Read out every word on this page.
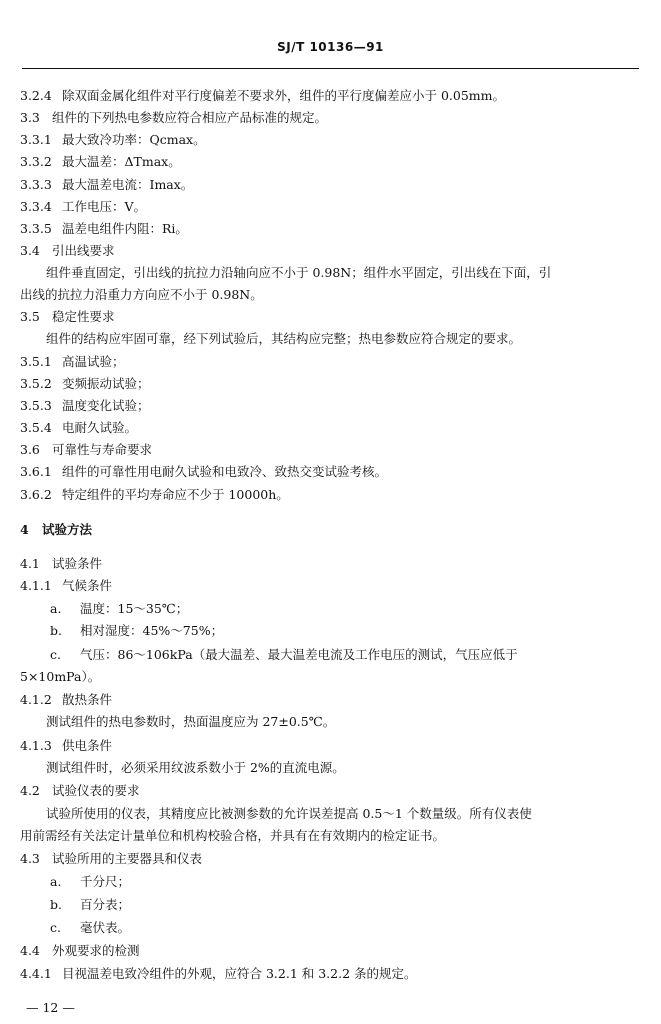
SJ/T 10136—91
3.2.4 除双面金属化组件对平行度偏差不要求外，组件的平行度偏差应小于 0.05mm。
3.3 组件的下列热电参数应符合相应产品标准的规定。
3.3.1 最大致冷功率：Qcmax。
3.3.2 最大温差：ΔTmax。
3.3.3 最大温差电流：Imax。
3.3.4 工作电压：V。
3.3.5 温差电组件内阻：Ri。
3.4 引出线要求
组件垂直固定，引出线的抗拉力沿轴向应不小于 0.98N；组件水平固定，引出线在下面，引
出线的抗拉力沿重力方向应不小于 0.98N。
3.5 稳定性要求
组件的结构应牢固可靠，经下列试验后，其结构应完整；热电参数应符合规定的要求。
3.5.1 高温试验；
3.5.2 变频振动试验；
3.5.3 温度变化试验；
3.5.4 电耐久试验。
3.6 可靠性与寿命要求
3.6.1 组件的可靠性用电耐久试验和电致冷、致热交变试验考核。
3.6.2 特定组件的平均寿命应不少于 10000h。
4 试验方法
4.1 试验条件
4.1.1 气候条件
a. 温度：15～35℃；
b. 相对湿度：45%～75%；
c. 气压：86～106kPa（最大温差、最大温差电流及工作电压的测试，气压应低于
5×10mPa）。
4.1.2 散热条件
测试组件的热电参数时，热面温度应为 27±0.5℃。
4.1.3 供电条件
测试组件时，必须采用纹波系数小于 2%的直流电源。
4.2 试验仪表的要求
试验所使用的仪表，其精度应比被测参数的允许误差提高 0.5～1 个数量级。所有仪表使
用前需经有关法定计量单位和机构校验合格，并具有在有效期内的检定证书。
4.3 试验所用的主要器具和仪表
a. 千分尺；
b. 百分表；
c. 毫伏表。
4.4 外观要求的检测
4.4.1 目视温差电致冷组件的外观，应符合 3.2.1 和 3.2.2 条的规定。
— 12 —
